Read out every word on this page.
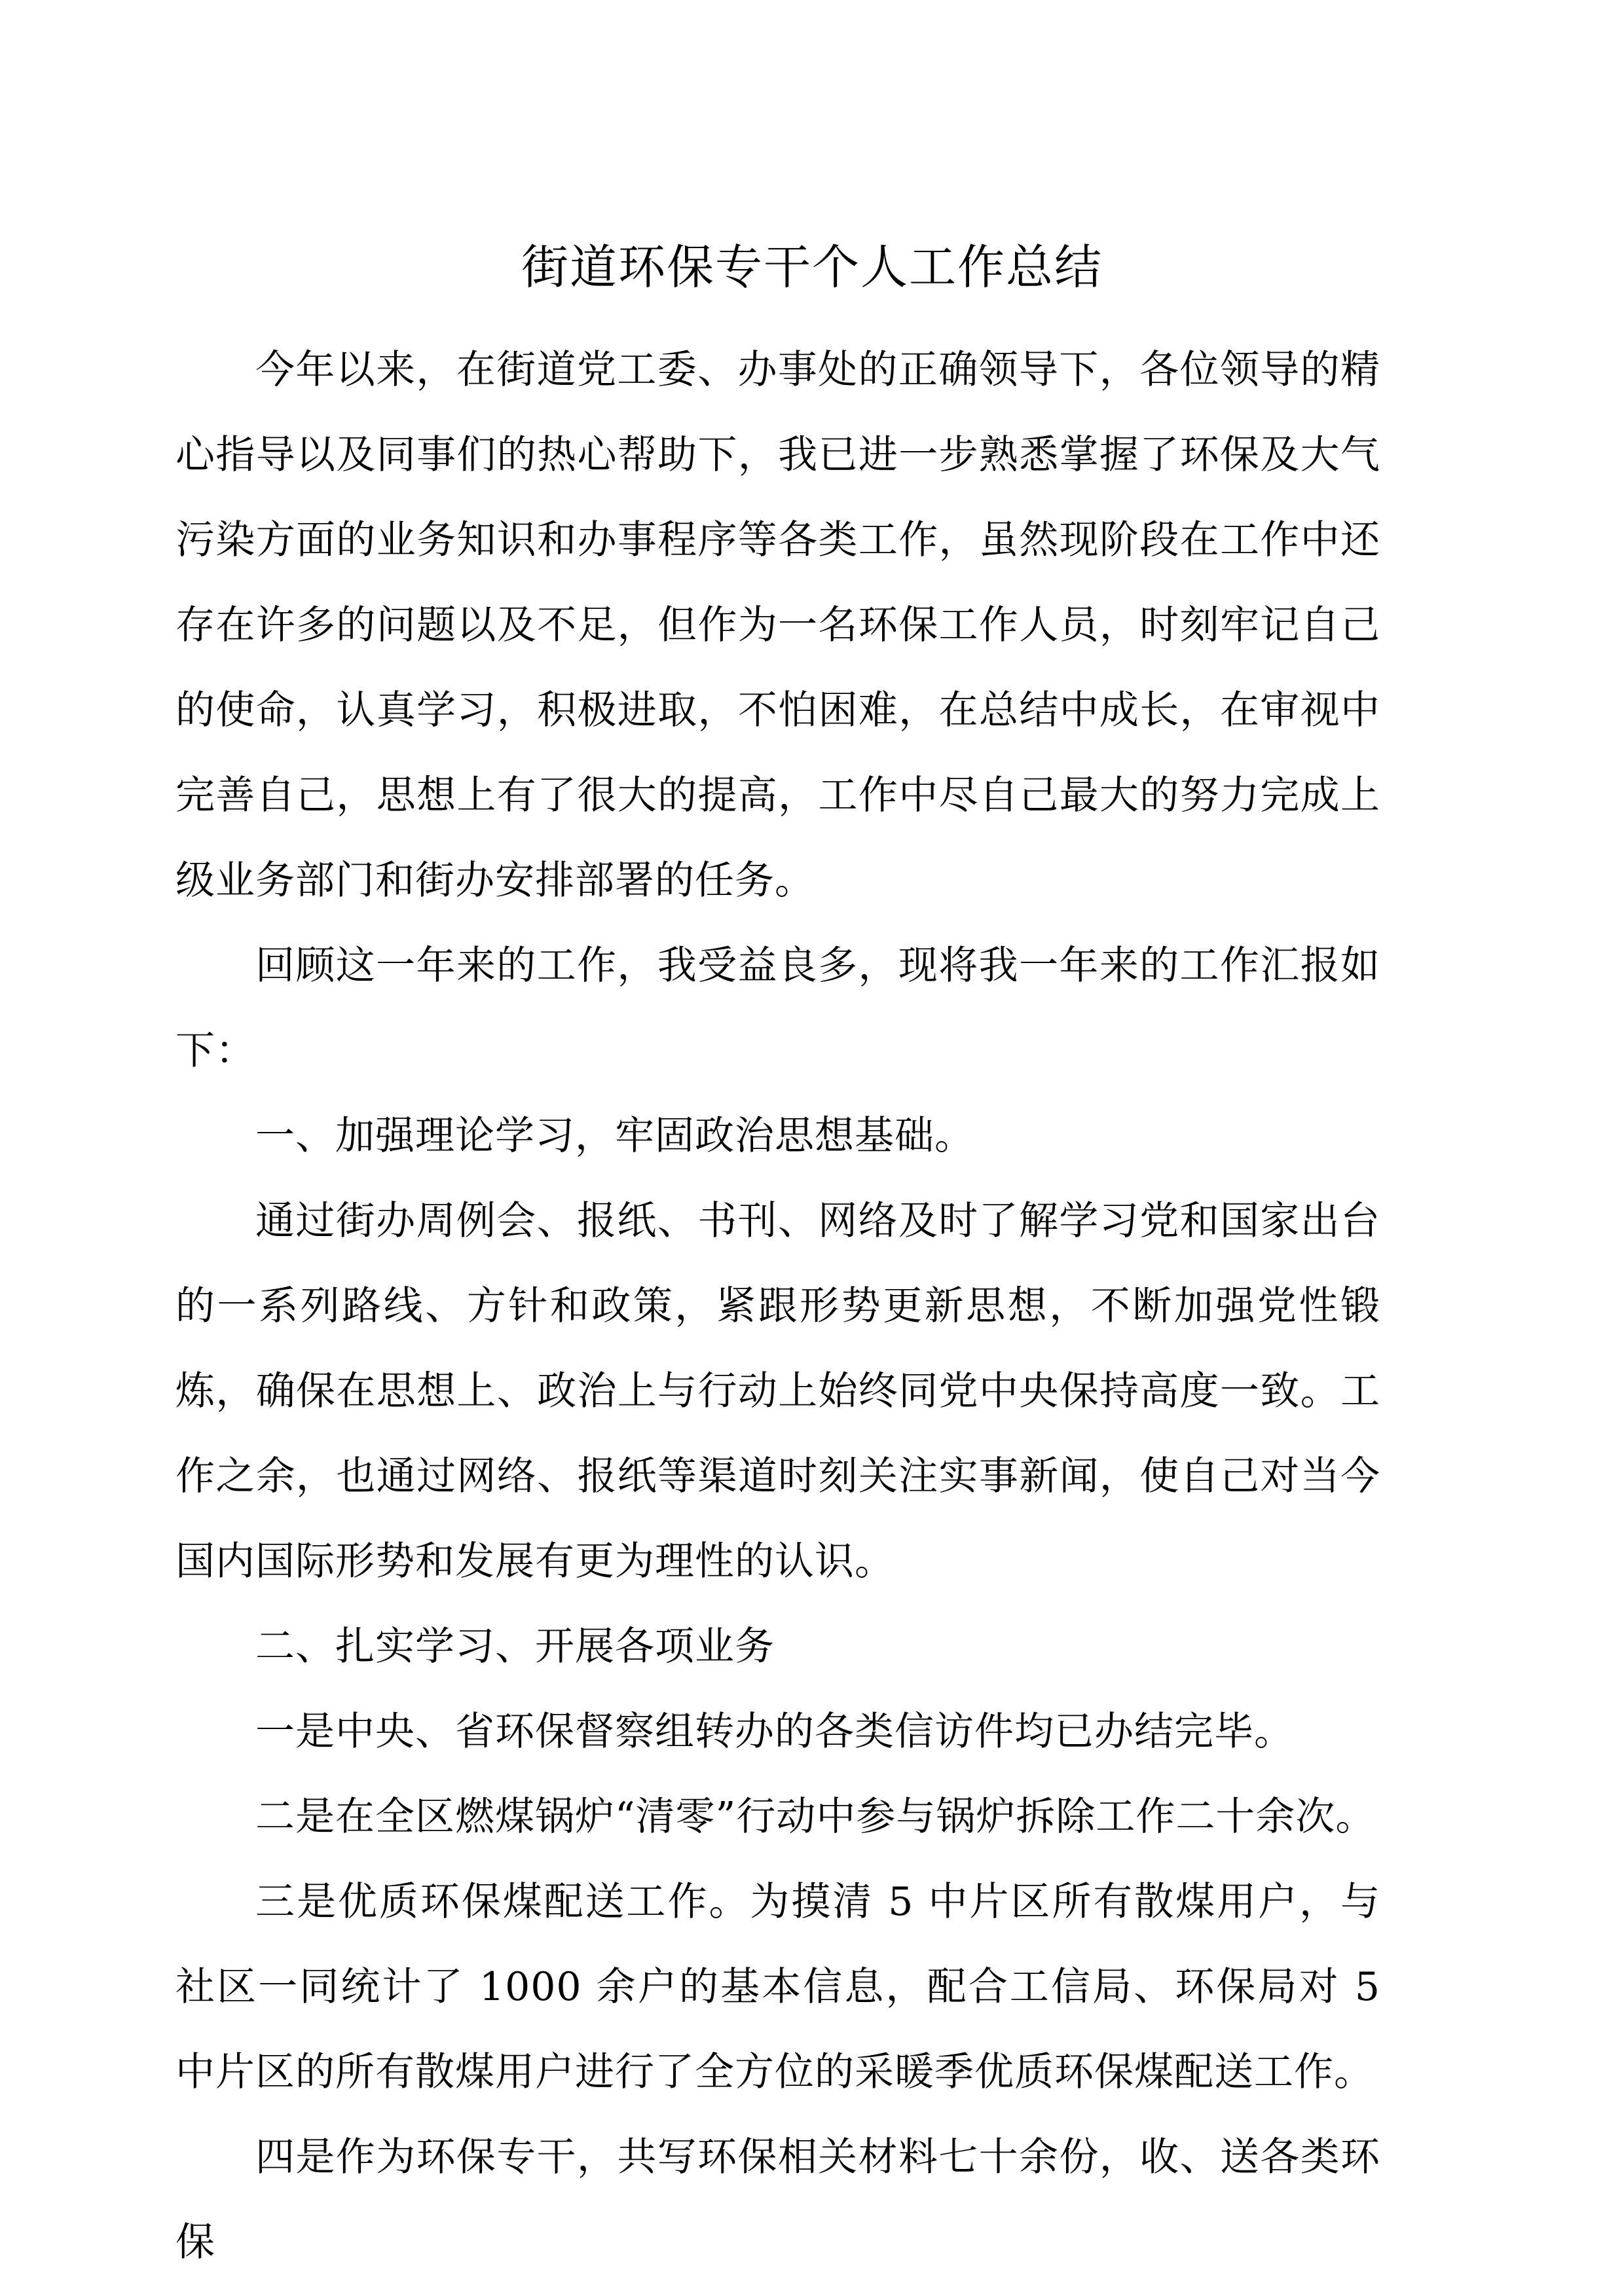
街道环保专干个人工作总结

今年以来，在街道党工委、办事处的正确领导下，各位领导的精心指导以及同事们的热心帮助下，我已进一步熟悉掌握了环保及大气污染方面的业务知识和办事程序等各类工作，虽然现阶段在工作中还存在许多的问题以及不足，但作为一名环保工作人员，时刻牢记自己的使命，认真学习，积极进取，不怕困难，在总结中成长，在审视中完善自己，思想上有了很大的提高，工作中尽自己最大的努力完成上级业务部门和街办安排部署的任务。

回顾这一年来的工作，我受益良多，现将我一年来的工作汇报如下：

一、加强理论学习，牢固政治思想基础。

通过街办周例会、报纸、书刊、网络及时了解学习党和国家出台的一系列路线、方针和政策，紧跟形势更新思想，不断加强党性锻炼，确保在思想上、政治上与行动上始终同党中央保持高度一致。工作之余，也通过网络、报纸等渠道时刻关注实事新闻，使自己对当今国内国际形势和发展有更为理性的认识。

二、扎实学习、开展各项业务

一是中央、省环保督察组转办的各类信访件均已办结完毕。

二是在全区燃煤锅炉“清零”行动中参与锅炉拆除工作二十余次。

三是优质环保煤配送工作。为摸清 5 中片区所有散煤用户，与社区一同统计了 1000 余户的基本信息，配合工信局、环保局对 5 中片区的所有散煤用户进行了全方位的采暖季优质环保煤配送工作。

四是作为环保专干，共写环保相关材料七十余份，收、送各类环保
